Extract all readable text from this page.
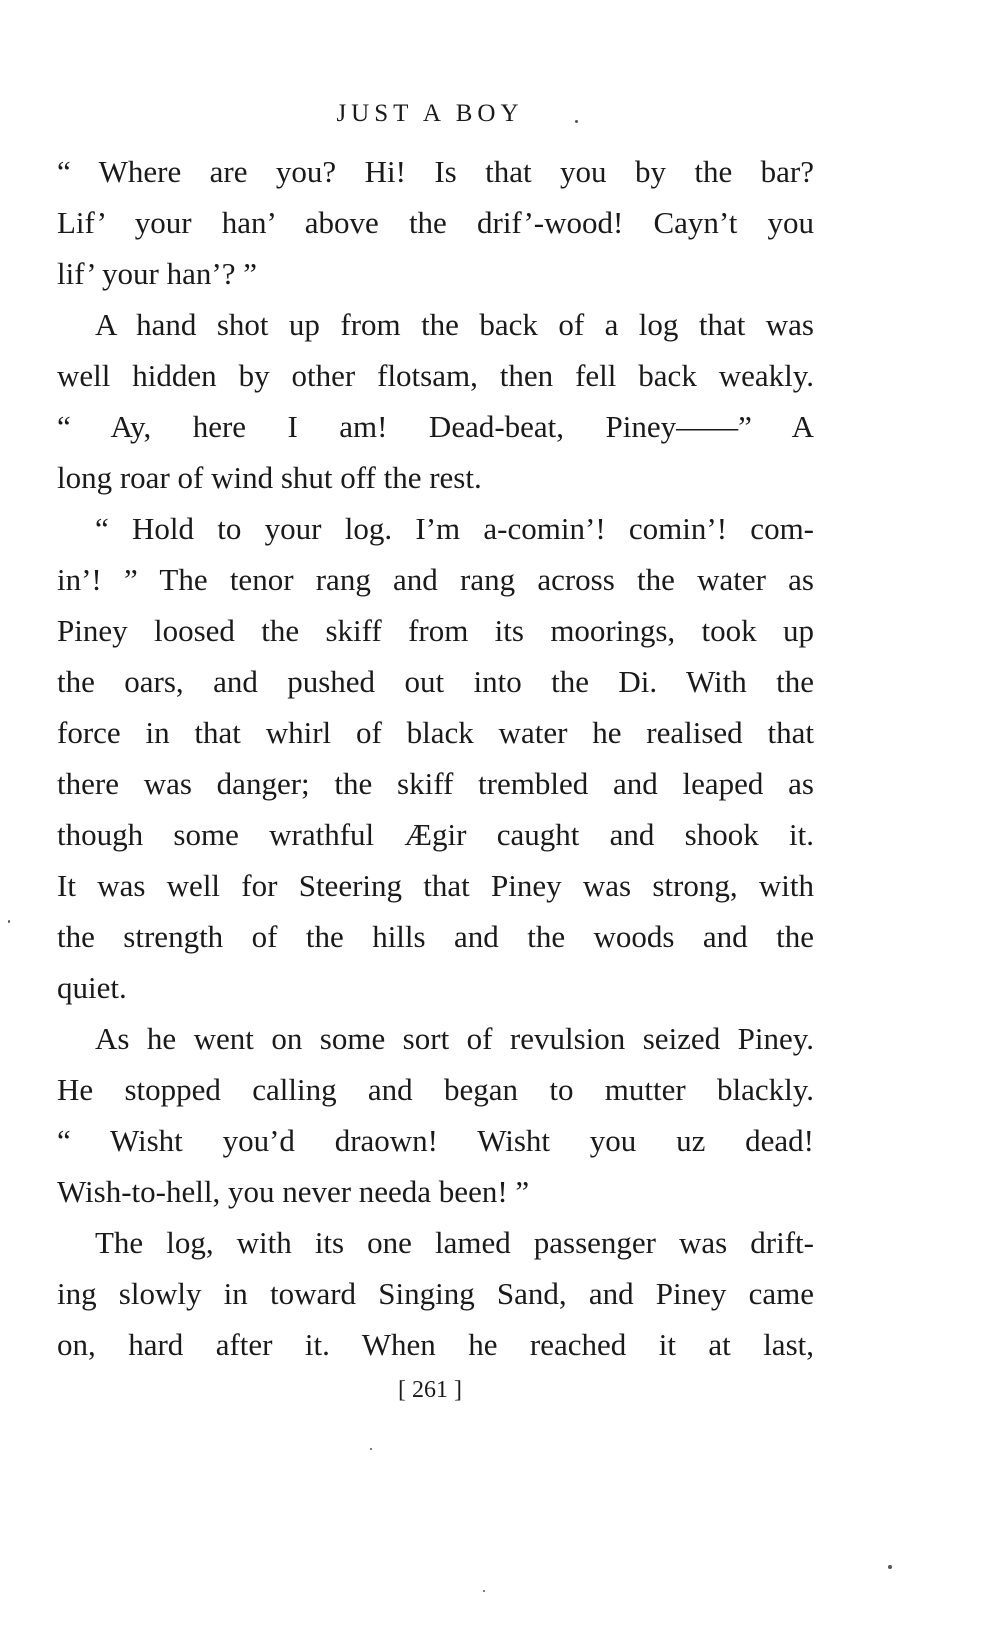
JUST A BOY

“ Where are you? Hi! Is that you by the bar?
Lif’ your han’ above the drif’-wood! Cayn’t you
lif’ your han’? ”
A hand shot up from the back of a log that was
well hidden by other flotsam, then fell back weakly.
“ Ay, here I am! Dead-beat, Piney——” A
long roar of wind shut off the rest.
“ Hold to your log. I’m a-comin’! comin’! com-
in’! ” The tenor rang and rang across the water as
Piney loosed the skiff from its moorings, took up
the oars, and pushed out into the Di. With the
force in that whirl of black water he realised that
there was danger; the skiff trembled and leaped as
though some wrathful Ægir caught and shook it.
It was well for Steering that Piney was strong, with
the strength of the hills and the woods and the
quiet.
As he went on some sort of revulsion seized Piney.
He stopped calling and began to mutter blackly.
“ Wisht you’d draown! Wisht you uz dead!
Wish-to-hell, you never needa been! ”
The log, with its one lamed passenger was drift-
ing slowly in toward Singing Sand, and Piney came
on, hard after it. When he reached it at last,

[ 261 ]
